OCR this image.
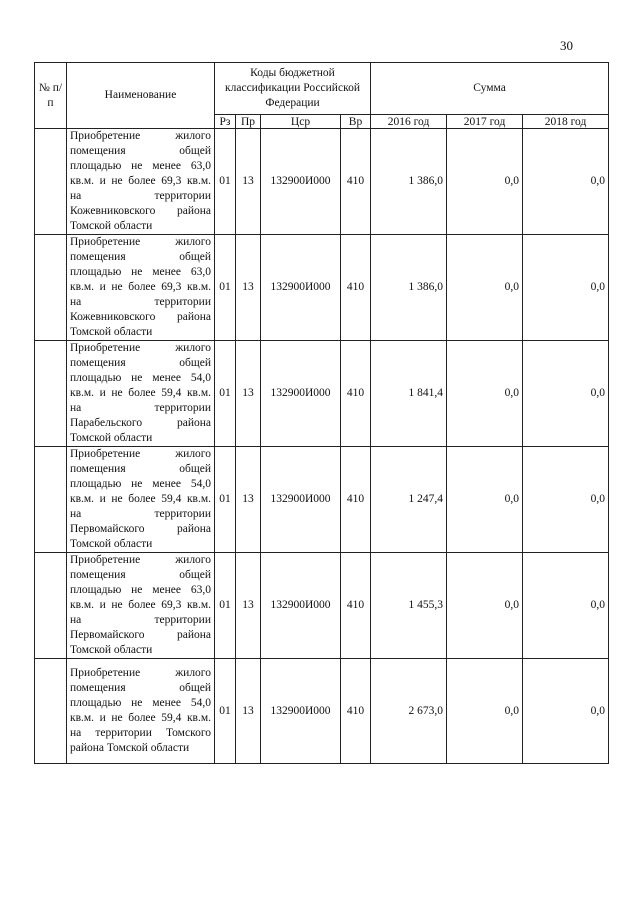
30
№ п/п	Наименование	Коды бюджетной классификации Российской Федерации				Сумма		
		Рз	Пр	Цср	Вр	2016 год	2017 год	2018 год
	Приобретение жилого помещения общей площадью не менее 63,0 кв.м. и не более 69,3 кв.м. на территории Кожевниковского района Томской области	01	13	132900И000	410	1 386,0	0,0	0,0
	Приобретение жилого помещения общей площадью не менее 63,0 кв.м. и не более 69,3 кв.м. на территории Кожевниковского района Томской области	01	13	132900И000	410	1 386,0	0,0	0,0
	Приобретение жилого помещения общей площадью не менее 54,0 кв.м. и не более 59,4 кв.м. на территории Парабельского района Томской области	01	13	132900И000	410	1 841,4	0,0	0,0
	Приобретение жилого помещения общей площадью не менее 54,0 кв.м. и не более 59,4 кв.м. на территории Первомайского района Томской области	01	13	132900И000	410	1 247,4	0,0	0,0
	Приобретение жилого помещения общей площадью не менее 63,0 кв.м. и не более 69,3 кв.м. на территории Первомайского района Томской области	01	13	132900И000	410	1 455,3	0,0	0,0
	Приобретение жилого помещения общей площадью не менее 54,0 кв.м. и не более 59,4 кв.м. на территории Томского района Томской области	01	13	132900И000	410	2 673,0	0,0	0,0
